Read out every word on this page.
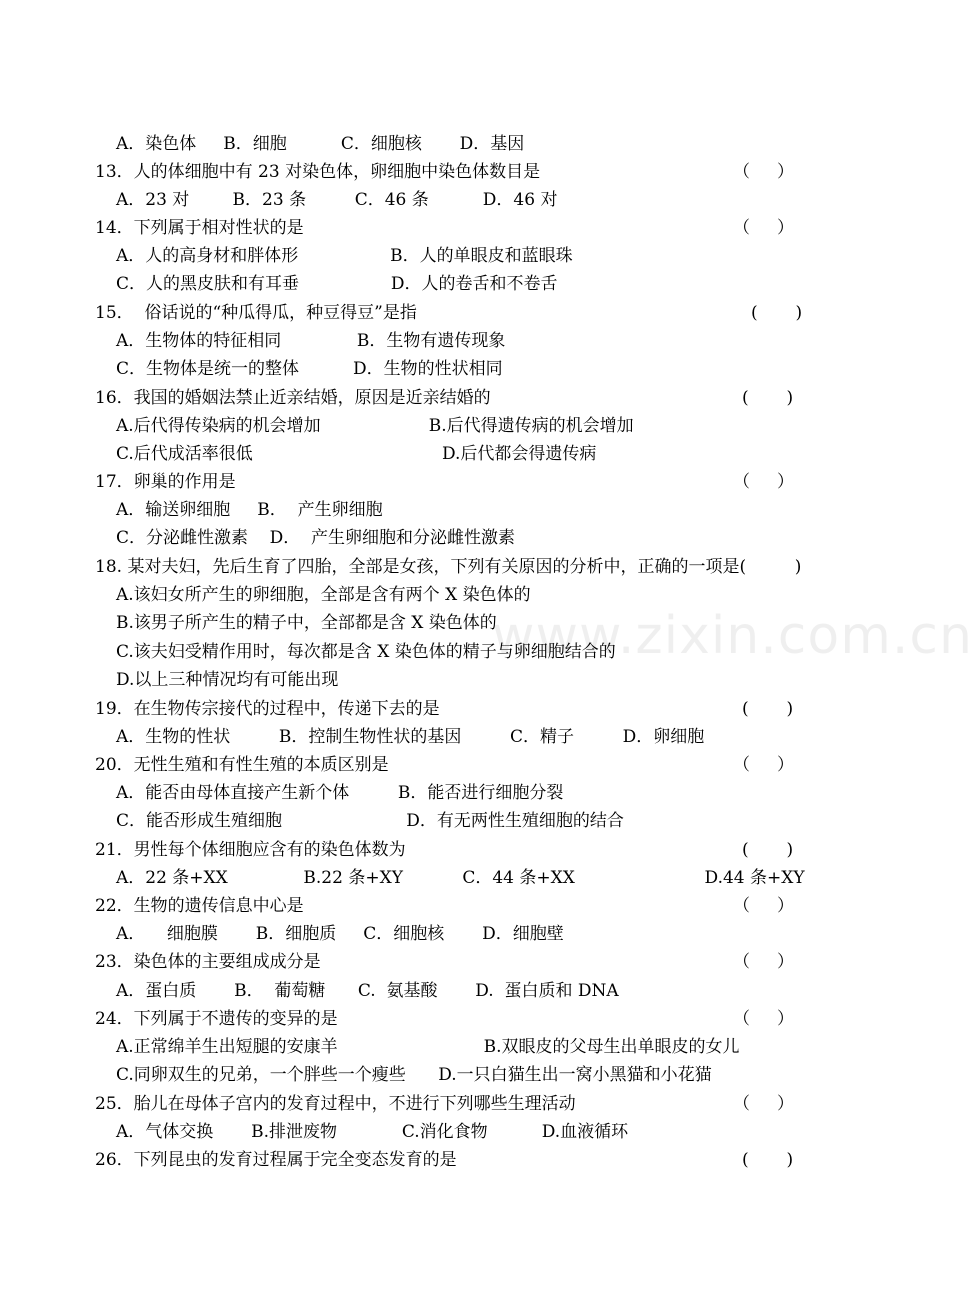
www.zixin.com.cn
A．染色体     B．细胞          C．细胞核       D．基因
13．人的体细胞中有 23 对染色体，卵细胞中染色体数目是	（     ）
A．23 对        B．23 条         C．46 条          D．46 对
14．下列属于相对性状的是	（     ）
A．人的高身材和胖体形                 B．人的单眼皮和蓝眼珠
C．人的黑皮肤和有耳垂                 D．人的卷舌和不卷舌
15．  俗话说的“种瓜得瓜，种豆得豆”是指	(       )
A．生物体的特征相同              B．生物有遗传现象
C．生物体是统一的整体          D．生物的性状相同
16．我国的婚姻法禁止近亲结婚，原因是近亲结婚的	(       )
A.后代得传染病的机会增加                    B.后代得遗传病的机会增加
C.后代成活率很低                                   D.后代都会得遗传病
17．卵巢的作用是	（     ）
A．输送卵细胞     B．  产生卵细胞
C．分泌雌性激素    D．  产生卵细胞和分泌雌性激素
18. 某对夫妇，先后生育了四胎，全部是女孩，下列有关原因的分析中，正确的一项是(         )
A.该妇女所产生的卵细胞，全部是含有两个 X 染色体的
B.该男子所产生的精子中，全部都是含 X 染色体的
C.该夫妇受精作用时，每次都是含 X 染色体的精子与卵细胞结合的
D.以上三种情况均有可能出现
19．在生物传宗接代的过程中，传递下去的是	(       )
A．生物的性状         B．控制生物性状的基因         C．精子         D．卵细胞
20．无性生殖和有性生殖的本质区别是	（     ）
A．能否由母体直接产生新个体         B．能否进行细胞分裂
C．能否形成生殖细胞                       D．有无两性生殖细胞的结合
21．男性每个体细胞应含有的染色体数为	(       )
A．22 条+XX              B.22 条+XY           C．44 条+XX                        D.44 条+XY
22．生物的遗传信息中心是	（     ）
A．    细胞膜       B．细胞质     C．细胞核       D．细胞壁
23．染色体的主要组成成分是	（     ）
A．蛋白质       B．  葡萄糖      C.  氨基酸       D.  蛋白质和 DNA
24．下列属于不遗传的变异的是	（     ）
A.正常绵羊生出短腿的安康羊                           B.双眼皮的父母生出单眼皮的女儿
C.同卵双生的兄弟，一个胖些一个瘦些      D.一只白猫生出一窝小黑猫和小花猫
25．胎儿在母体子宫内的发育过程中，不进行下列哪些生理活动	（     ）
A．气体交换       B.排泄废物            C.消化食物          D.血液循环
26．下列昆虫的发育过程属于完全变态发育的是	(       )
